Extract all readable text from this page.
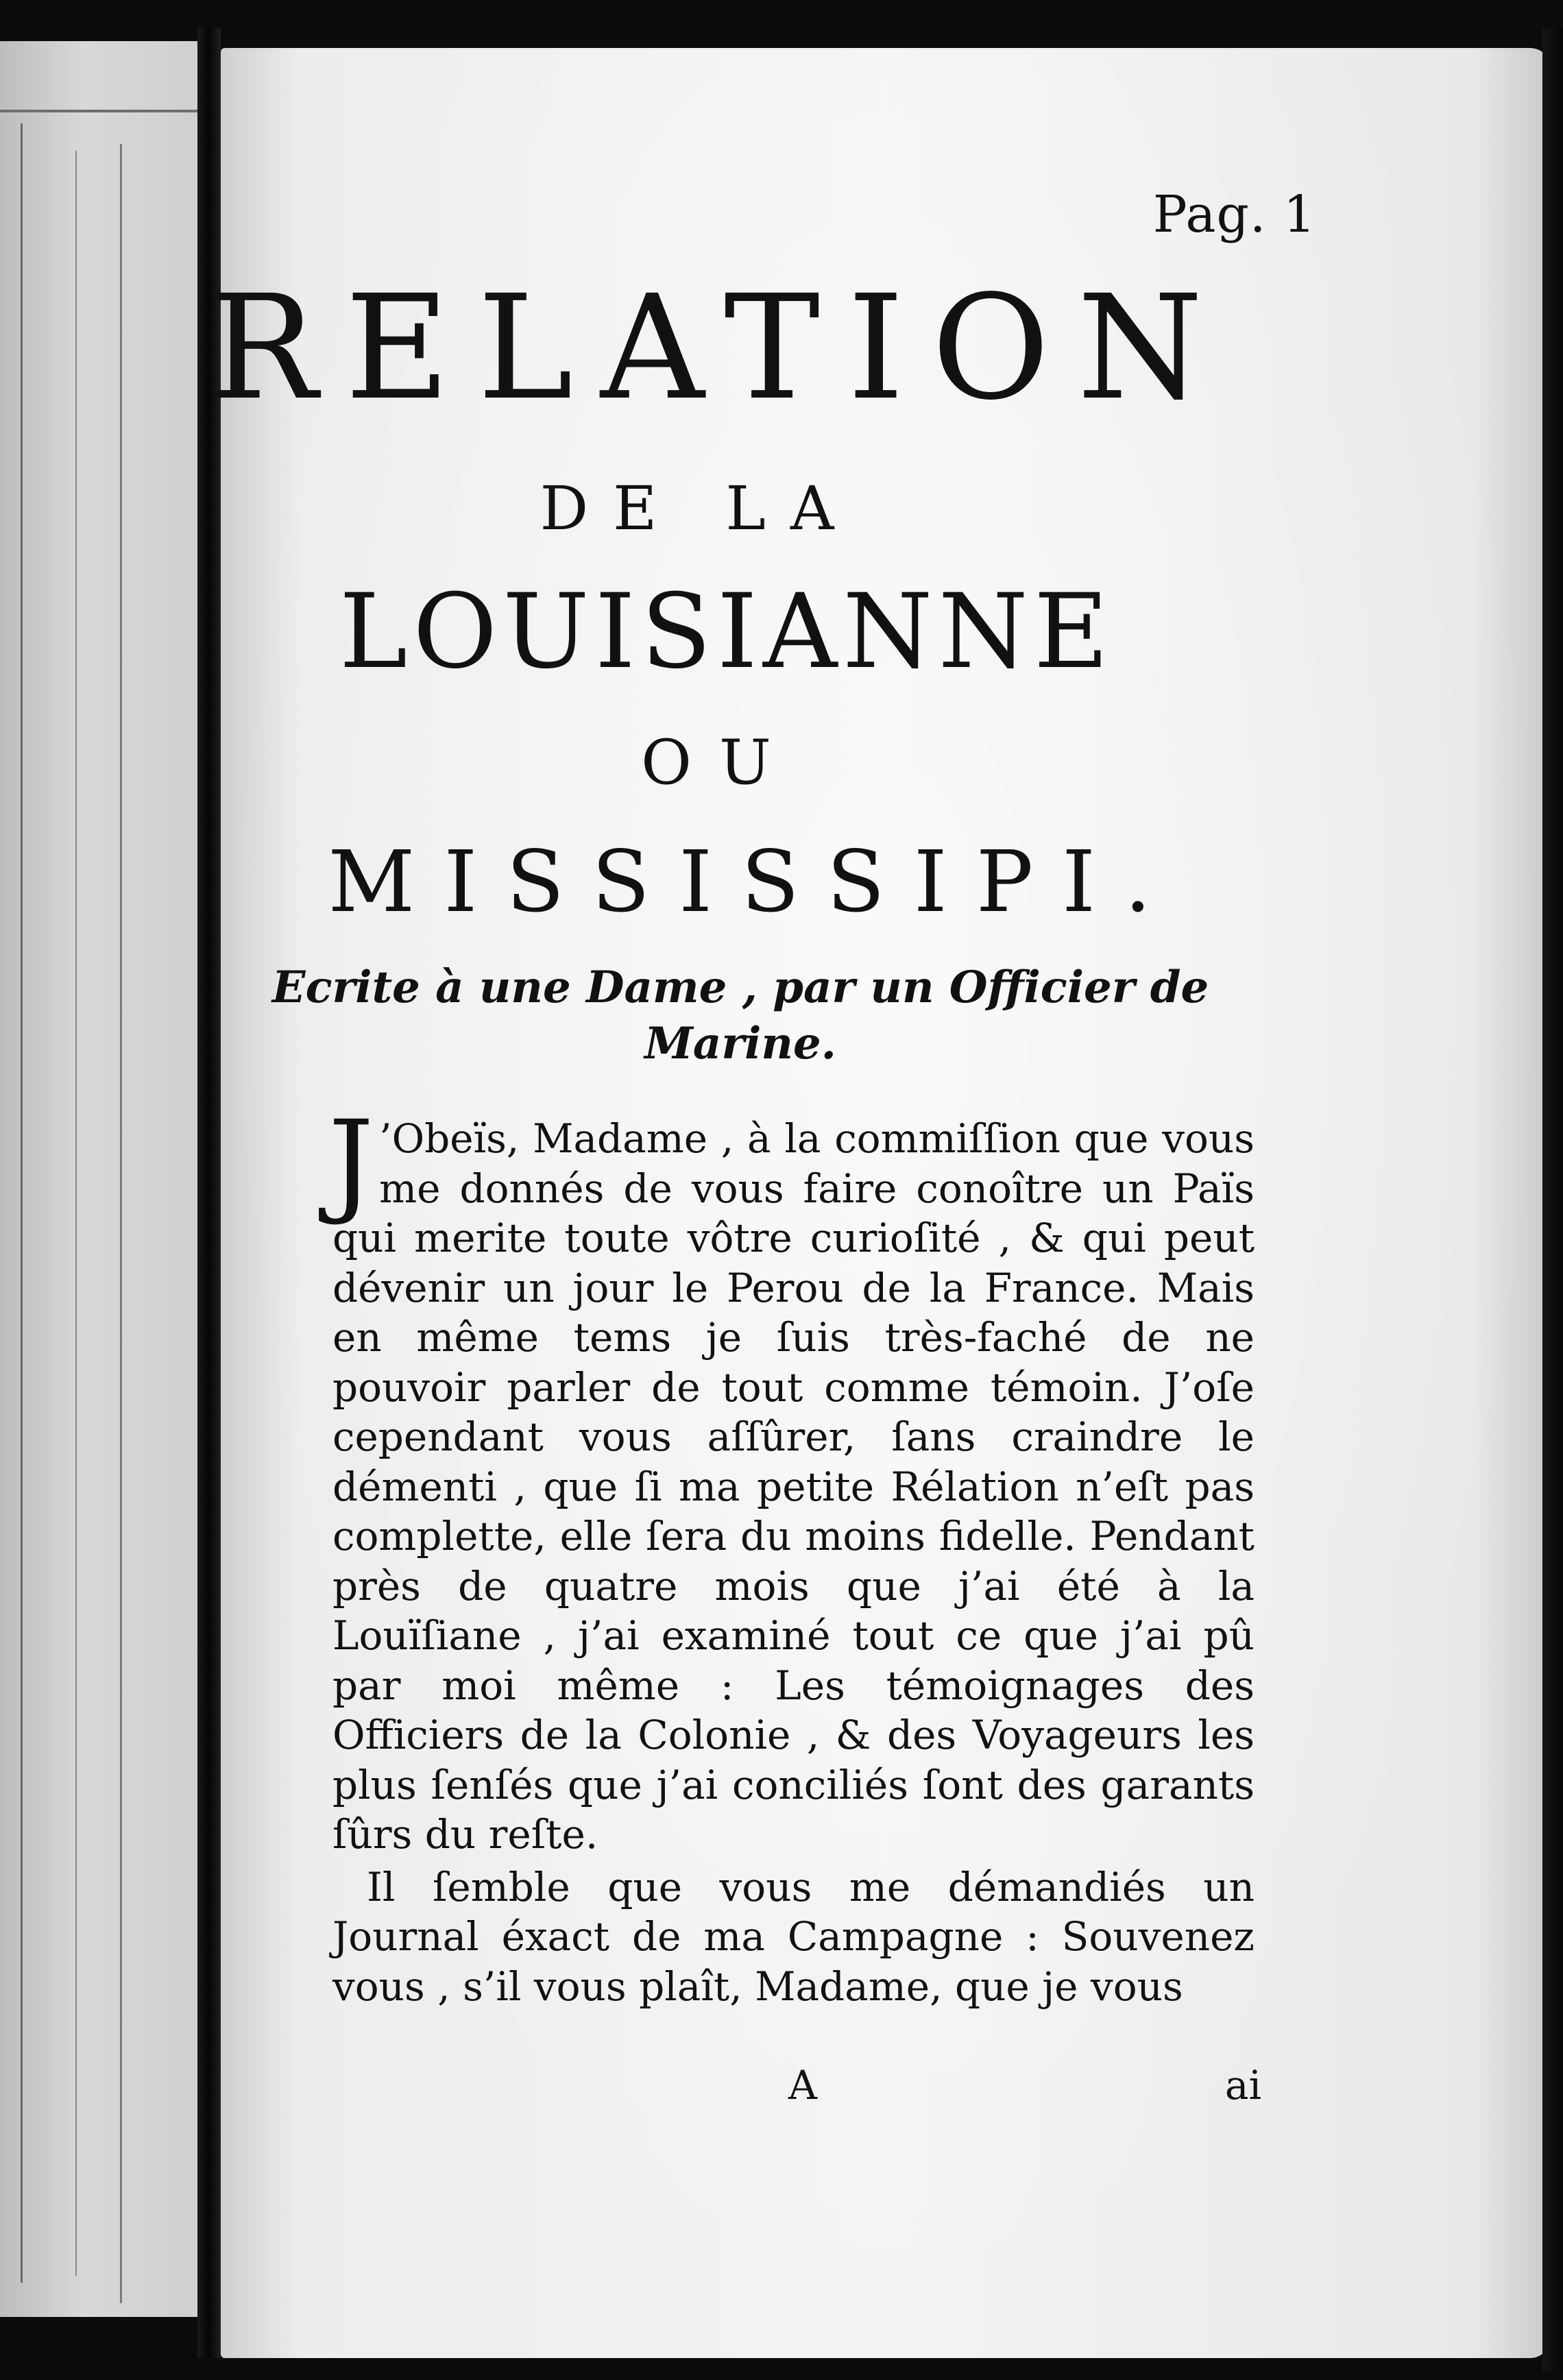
Pag. 1
RELATION
DE LA
LOUISIANNE
OU
MISSISSIPI.
Ecrite à une Dame , par un Officier de Marine.

J ’Obeïs, Madame , à la commiſſion que vous me donnés de vous faire conoître un Païs qui merite toute vôtre curioſité , & qui peut dévenir un jour le Perou de la France. Mais en même tems je ſuis très-faché de ne pouvoir parler de tout comme témoin. J’oſe cependant vous aſſûrer, ſans craindre le démenti , que ſi ma petite Rélation n’eſt pas complette, elle ſera du moins fidelle. Pendant près de quatre mois que j’ai été à la Louïſiane , j’ai examiné tout ce que j’ai pû par moi même : Les témoignages des Officiers de la Colonie , & des Voyageurs les plus ſenſés que j’ai conciliés ſont des garants ſûrs du reſte.

Il ſemble que vous me démandiés un Journal éxact de ma Campagne : Souvenez vous , s’il vous plaît, Madame, que je vous

A	ai
